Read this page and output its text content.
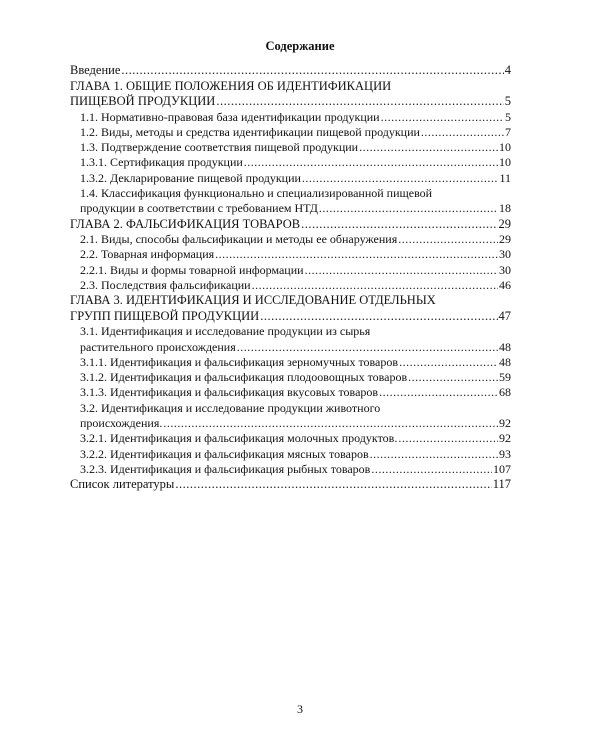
Содержание
Введение .....	4
ГЛАВА 1. ОБЩИЕ ПОЛОЖЕНИЯ ОБ ИДЕНТИФИКАЦИИ
ПИЩЕВОЙ ПРОДУКЦИИ .....	5
1.1. Нормативно-правовая база идентификации продукции .....	5
1.2. Виды, методы и средства идентификации пищевой продукции .....	7
1.3. Подтверждение соответствия пищевой продукции .....	10
1.3.1. Сертификация продукции .....	10
1.3.2. Декларирование пищевой продукции .....	11
1.4. Классификация функционально и специализированной пищевой
продукции в соответствии с требованием НТД .....	18
ГЛАВА 2. ФАЛЬСИФИКАЦИЯ ТОВАРОВ .....	29
2.1. Виды, способы фальсификации и методы ее обнаружения .....	29
2.2. Товарная информация .....	30
2.2.1. Виды и формы товарной информации .....	30
2.3. Последствия фальсификации .....	46
ГЛАВА 3. ИДЕНТИФИКАЦИЯ И ИССЛЕДОВАНИЕ ОТДЕЛЬНЫХ
ГРУПП ПИЩЕВОЙ ПРОДУКЦИИ .....	47
3.1. Идентификация и исследование продукции из сырья
растительного происхождения .....	48
3.1.1. Идентификация и фальсификация зерномучных товаров .....	48
3.1.2. Идентификация и фальсификация плодоовощных товаров .....	59
3.1.3. Идентификация и фальсификация вкусовых товаров .....	68
3.2. Идентификация и исследование продукции животного
происхождения. .....	92
3.2.1. Идентификация и фальсификация молочных продуктов. .....	92
3.2.2. Идентификация и фальсификация мясных товаров .....	93
3.2.3. Идентификация и фальсификация рыбных товаров .....	107
Список литературы .....	117
3
